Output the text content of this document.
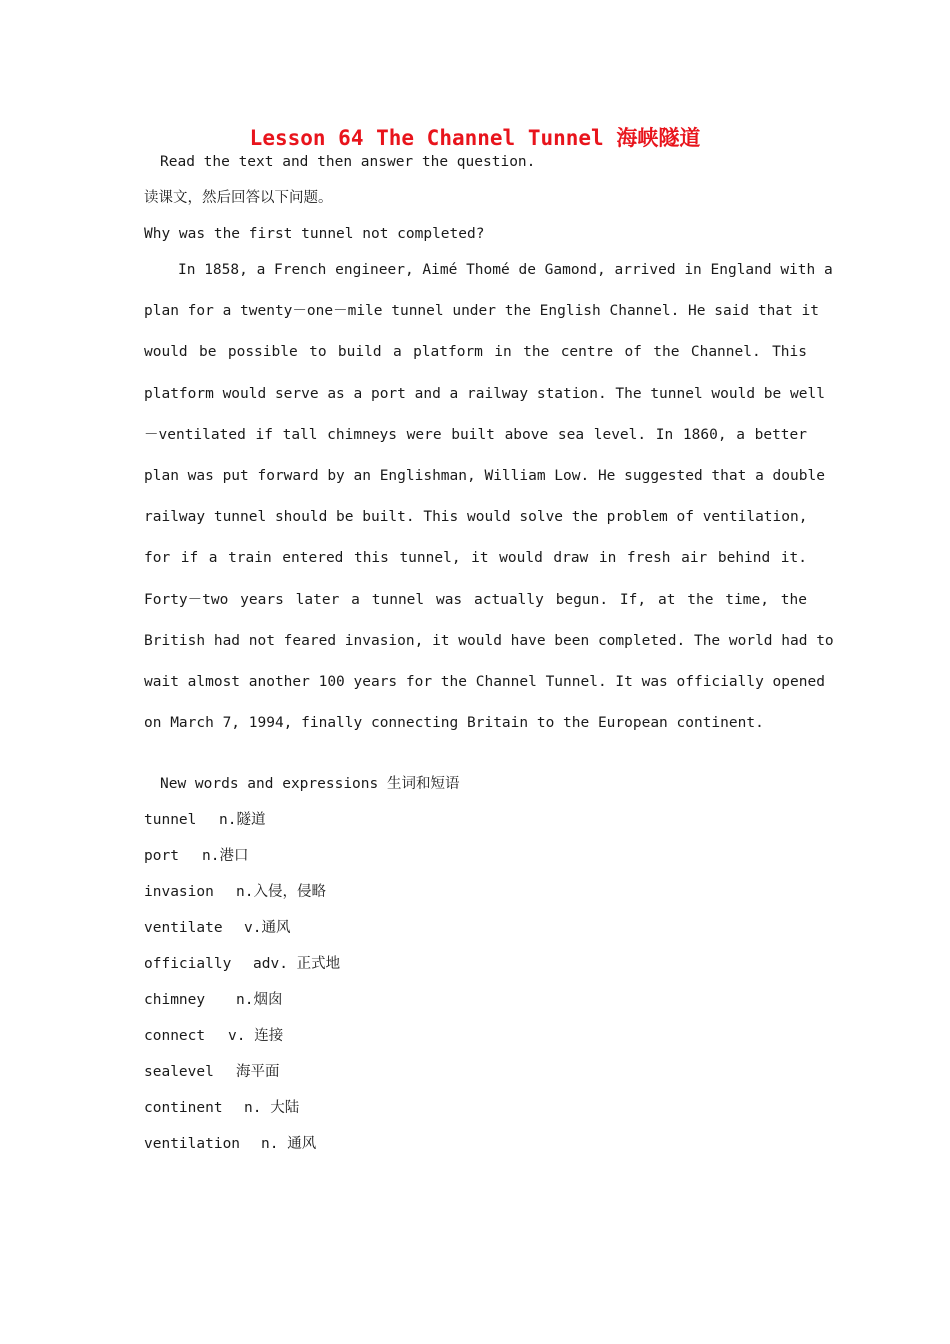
Lesson 64 The Channel Tunnel 海峡隧道
Read the text and then answer the question.
读课文，然后回答以下问题。
Why was the first tunnel not completed?
In 1858, a French engineer, Aimé Thomé de Gamond, arrived in England with a
plan for a twenty－one－mile tunnel under the English Channel. He said that it
would be possible to build a platform in the centre of the Channel. This
platform would serve as a port and a railway station. The tunnel would be well
－ventilated if tall chimneys were built above sea level. In 1860, a better
plan was put forward by an Englishman, William Low. He suggested that a double
railway tunnel should be built. This would solve the problem of ventilation,
for if a train entered this tunnel, it would draw in fresh air behind it.
Forty－two years later a tunnel was actually begun. If, at the time, the
British had not feared invasion, it would have been completed. The world had to
wait almost another 100 years for the Channel Tunnel. It was officially opened
on March 7, 1994, finally connecting Britain to the European continent.
New words and expressions 生词和短语
tunnel n.隧道
port n.港口
invasion n.入侵，侵略
ventilate v.通风
officially adv. 正式地
chimney n.烟囱
connect v. 连接
sealevel 海平面
continent n. 大陆
ventilation n. 通风
